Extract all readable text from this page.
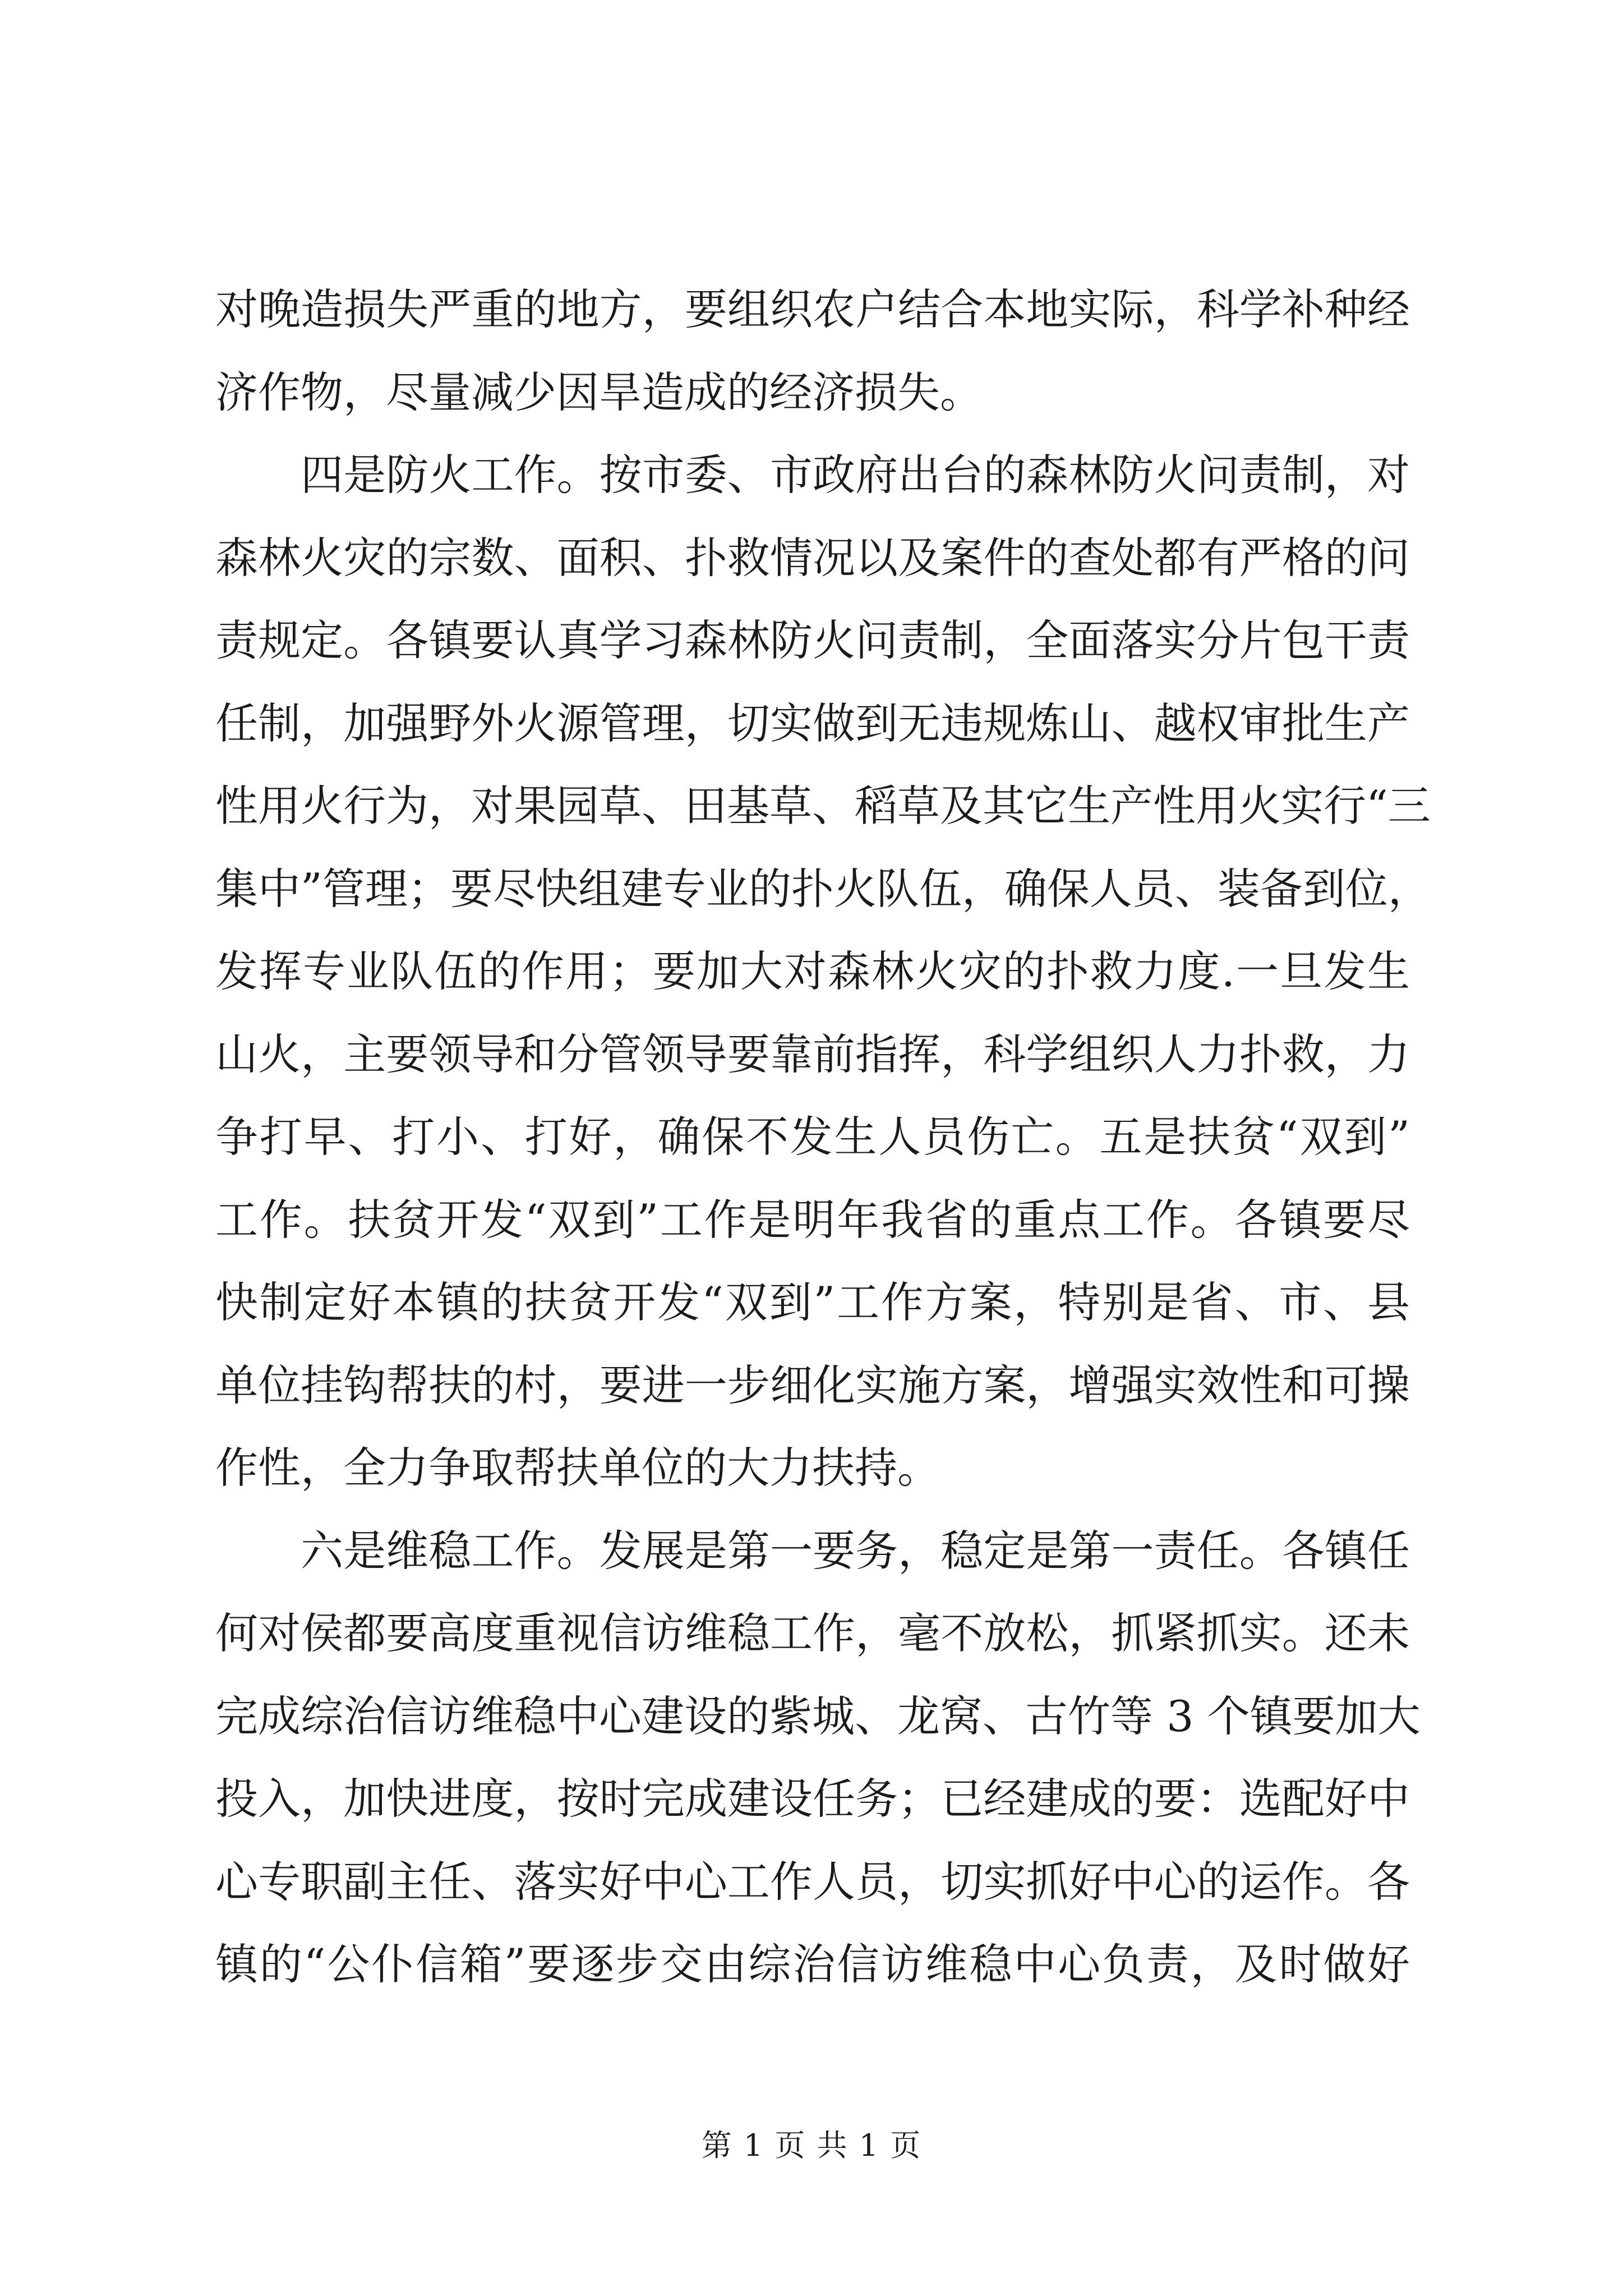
对晚造损失严重的地方，要组织农户结合本地实际，科学补种经
济作物，尽量减少因旱造成的经济损失。
　　四是防火工作。按市委、市政府出台的森林防火问责制，对
森林火灾的宗数、面积、扑救情况以及案件的查处都有严格的问
责规定。各镇要认真学习森林防火问责制，全面落实分片包干责
任制，加强野外火源管理，切实做到无违规炼山、越权审批生产
性用火行为，对果园草、田基草、稻草及其它生产性用火实行“三
集中”管理；要尽快组建专业的扑火队伍，确保人员、装备到位，
发挥专业队伍的作用；要加大对森林火灾的扑救力度.一旦发生
山火，主要领导和分管领导要靠前指挥，科学组织人力扑救，力
争打早、打小、打好，确保不发生人员伤亡。五是扶贫“双到”
工作。扶贫开发“双到”工作是明年我省的重点工作。各镇要尽
快制定好本镇的扶贫开发“双到”工作方案，特别是省、市、县
单位挂钩帮扶的村，要进一步细化实施方案，增强实效性和可操
作性，全力争取帮扶单位的大力扶持。
　　六是维稳工作。发展是第一要务，稳定是第一责任。各镇任
何对侯都要高度重视信访维稳工作，毫不放松，抓紧抓实。还未
完成综治信访维稳中心建设的紫城、龙窝、古竹等 3 个镇要加大
投入，加快进度，按时完成建设任务；已经建成的要：选配好中
心专职副主任、落实好中心工作人员，切实抓好中心的运作。各
镇的“公仆信箱”要逐步交由综治信访维稳中心负责，及时做好
第 1 页 共 1 页
